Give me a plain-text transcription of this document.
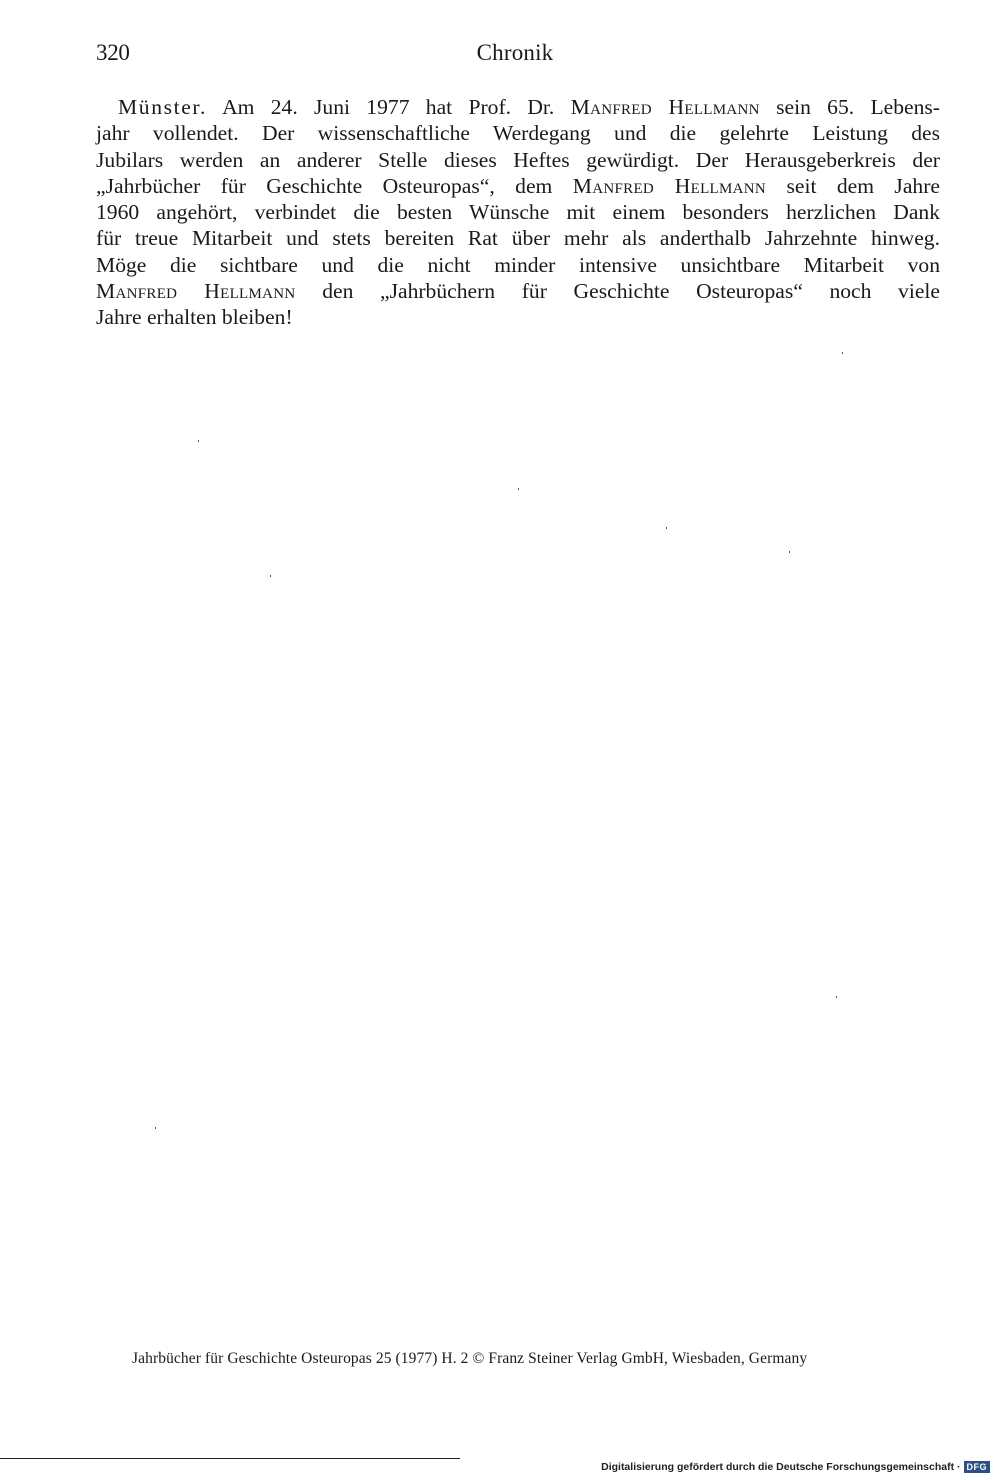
320	Chronik
Münster. Am 24. Juni 1977 hat Prof. Dr. Manfred Hellmann sein 65. Lebens-
jahr vollendet. Der wissenschaftliche Werdegang und die gelehrte Leistung des
Jubilars werden an anderer Stelle dieses Heftes gewürdigt. Der Herausgeberkreis der
„Jahrbücher für Geschichte Osteuropas“, dem Manfred Hellmann seit dem Jahre
1960 angehört, verbindet die besten Wünsche mit einem besonders herzlichen Dank
für treue Mitarbeit und stets bereiten Rat über mehr als anderthalb Jahrzehnte hinweg.
Möge die sichtbare und die nicht minder intensive unsichtbare Mitarbeit von
Manfred Hellmann den „Jahrbüchern für Geschichte Osteuropas“ noch viele
Jahre erhalten bleiben!
Jahrbücher für Geschichte Osteuropas 25 (1977) H. 2 © Franz Steiner Verlag GmbH, Wiesbaden, Germany
Digitalisierung gefördert durch die Deutsche Forschungsgemeinschaft · DFG
